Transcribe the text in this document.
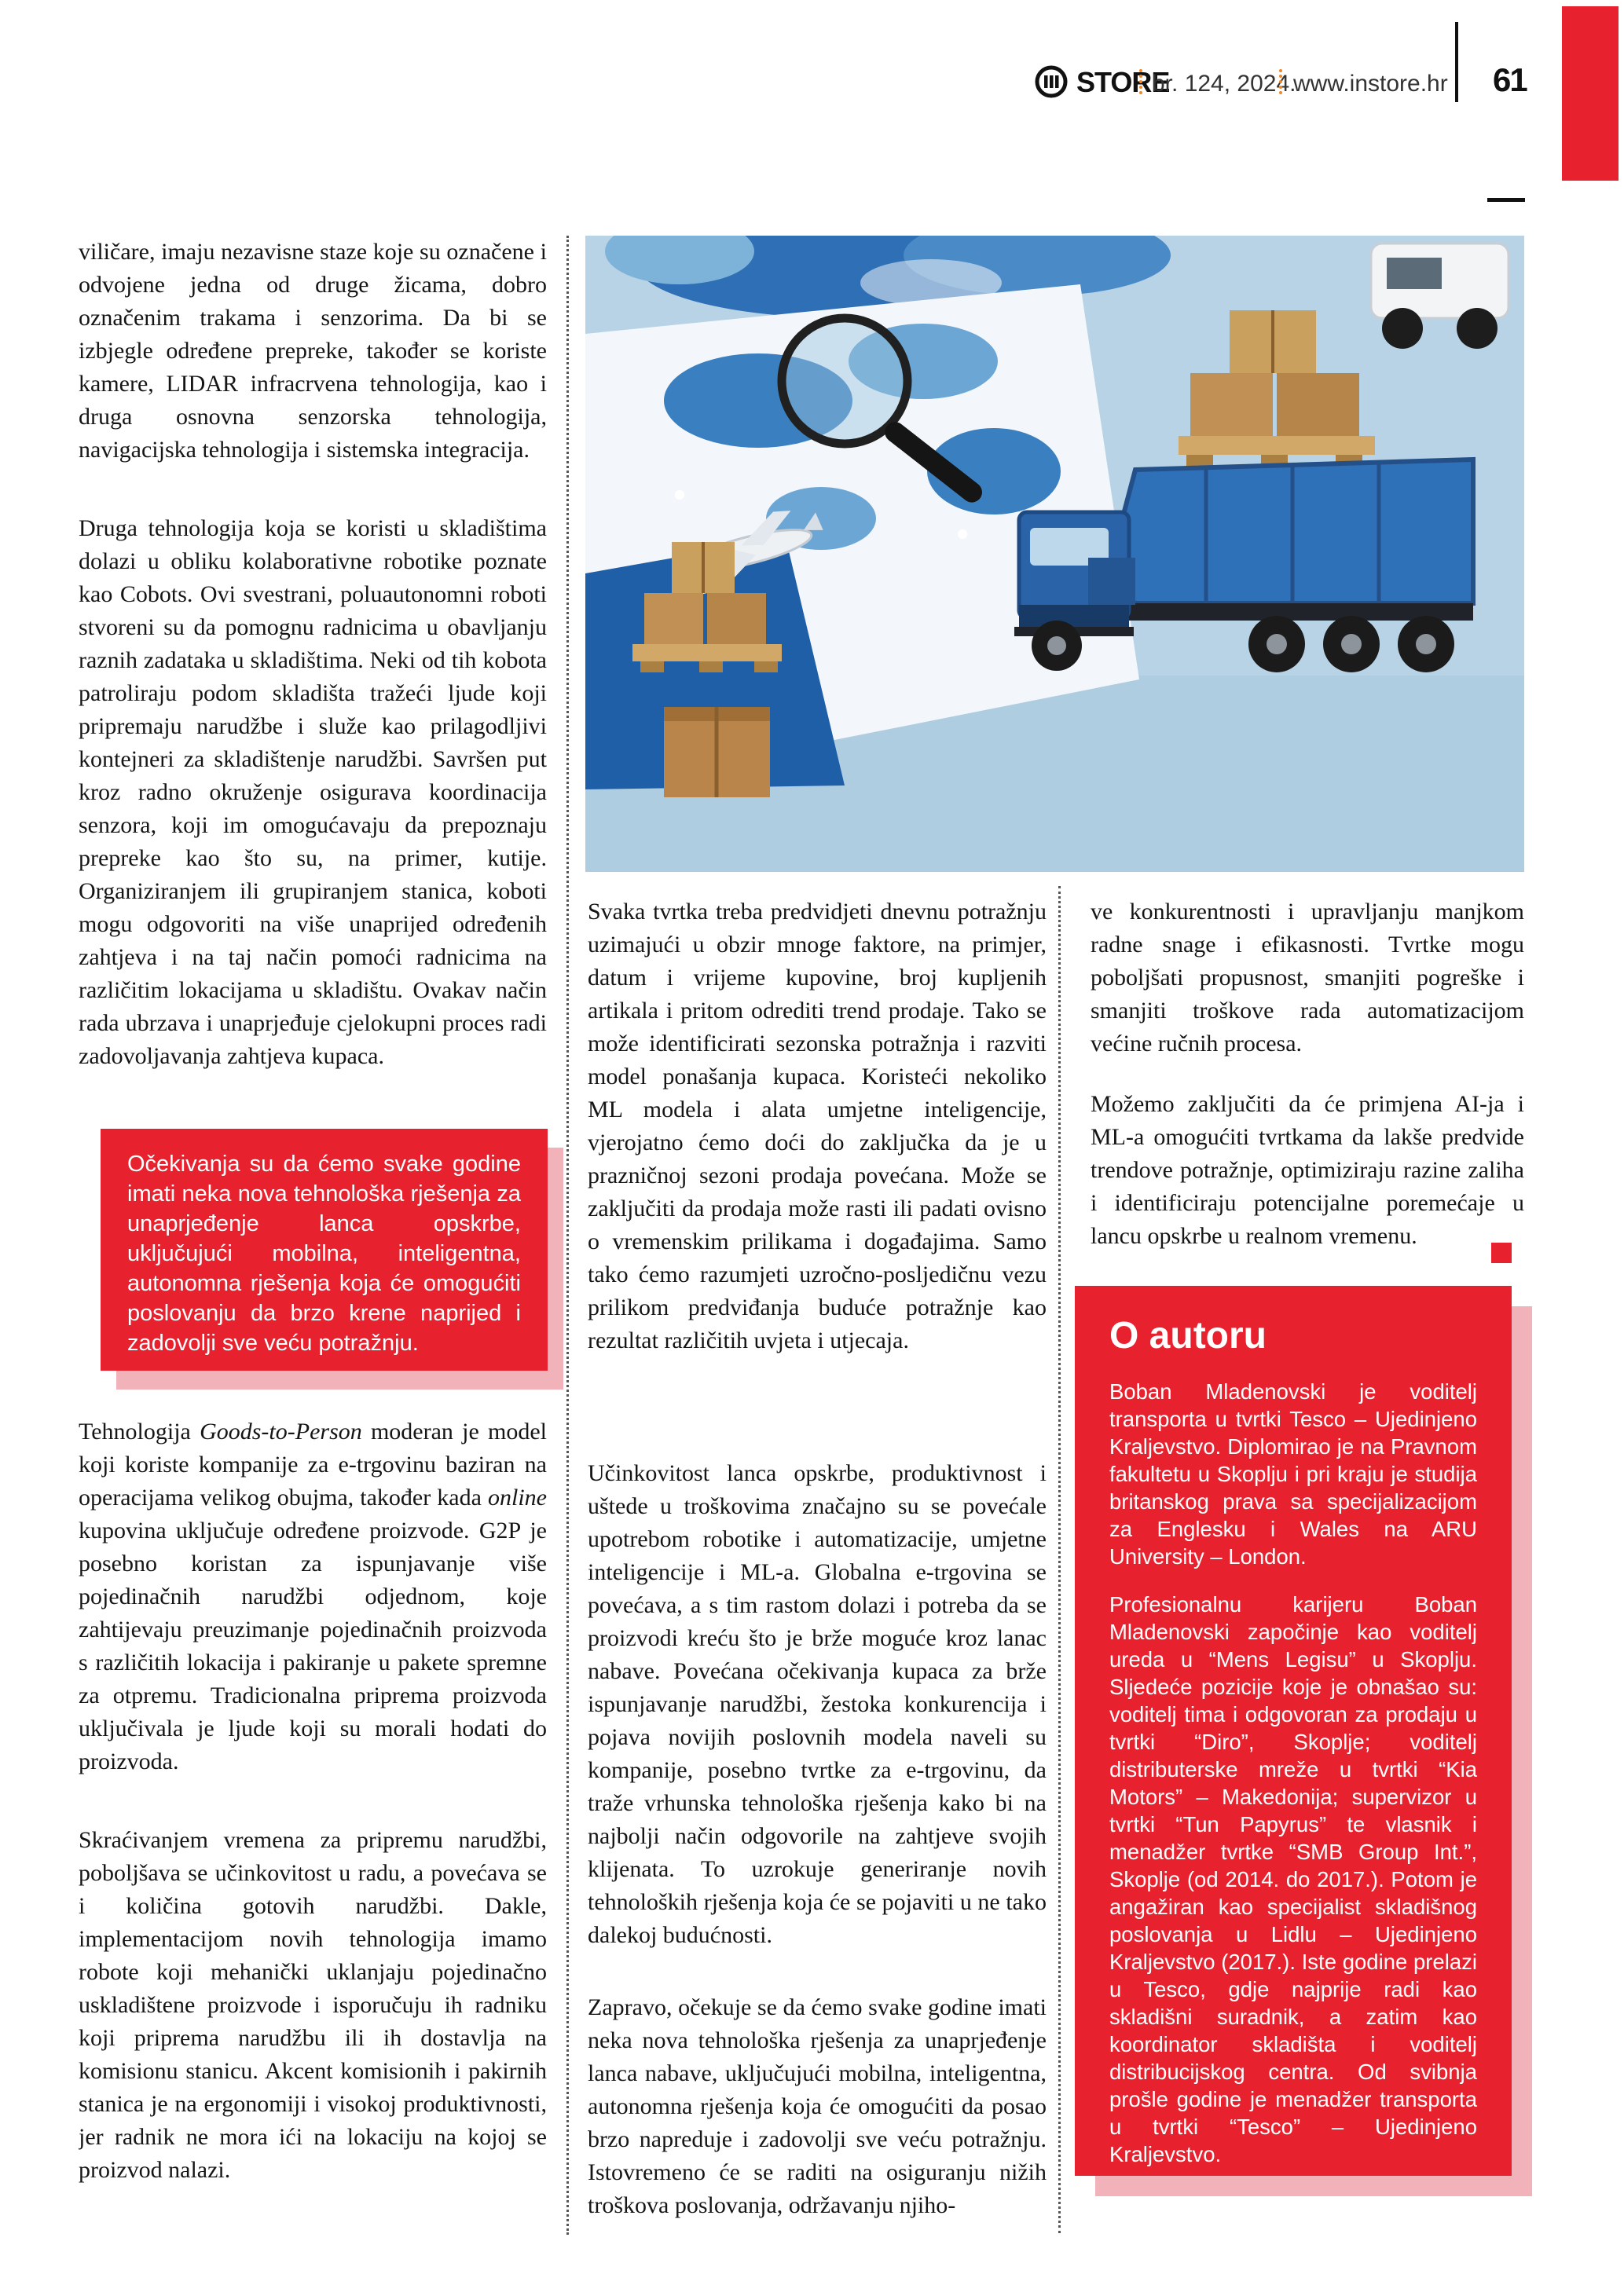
STORE
br. 124, 2024.
www.instore.hr 61

viličare, imaju nezavisne staze koje su označene i odvojene jedna od druge žicama, dobro označenim trakama i senzorima. Da bi se izbjegle određene prepreke, također se koriste kamere, LIDAR infracrvena tehnologija, kao i druga osnovna senzorska tehnologija, navigacijska tehnologija i sistemska integracija.

Druga tehnologija koja se koristi u skladištima dolazi u obliku kolaborativne robotike poznate kao Cobots. Ovi svestrani, poluautonomni roboti stvoreni su da pomognu radnicima u obavljanju raznih zadataka u skladištima. Neki od tih kobota patroliraju podom skladišta tražeći ljude koji pripremaju narudžbe i služe kao prilagodljivi kontejneri za skladištenje narudžbi. Savršen put kroz radno okruženje osigurava koordinacija senzora, koji im omogućavaju da prepoznaju prepreke kao što su, na primer, kutije. Organiziranjem ili grupiranjem stanica, koboti mogu odgovoriti na više unaprijed određenih zahtjeva i na taj način pomoći radnicima na različitim lokacijama u skladištu. Ovakav način rada ubrzava i unaprjeđuje cjelokupni proces radi zadovoljavanja zahtjeva kupaca.

Očekivanja su da ćemo svake godine imati neka nova tehnološka rješenja za unaprjeđenje lanca opskrbe, uključujući mobilna, inteligentna, autonomna rješenja koja će omogućiti poslovanju da brzo krene naprijed i zadovolji sve veću potražnju.

Tehnologija Goods-to-Person moderan je model koji koriste kompanije za e-trgovinu baziran na operacijama velikog obujma, također kada online kupovina uključuje određene proizvode. G2P je posebno koristan za ispunjavanje više pojedinačnih narudžbi odjednom, koje zahtijevaju preuzimanje pojedinačnih proizvoda s različitih lokacija i pakiranje u pakete spremne za otpremu. Tradicionalna priprema proizvoda uključivala je ljude koji su morali hodati do proizvoda.

Skraćivanjem vremena za pripremu narudžbi, poboljšava se učinkovitost u radu, a povećava se i količina gotovih narudžbi. Dakle, implementacijom novih tehnologija imamo robote koji mehanički uklanjaju pojedinačno uskladištene proizvode i isporučuju ih radniku koji priprema narudžbu ili ih dostavlja na komisionu stanicu. Akcent komisionih i pakirnih stanica je na ergonomiji i visokoj produktivnosti, jer radnik ne mora ići na lokaciju na kojoj se proizvod nalazi.

Svaka tvrtka treba predvidjeti dnevnu potražnju uzimajući u obzir mnoge faktore, na primjer, datum i vrijeme kupovine, broj kupljenih artikala i pritom odrediti trend prodaje. Tako se može identificirati sezonska potražnja i razviti model ponašanja kupaca. Koristeći nekoliko ML modela i alata umjetne inteligencije, vjerojatno ćemo doći do zaključka da je u prazničnoj sezoni prodaja povećana. Može se zaključiti da prodaja može rasti ili padati ovisno o vremenskim prilikama i događajima. Samo tako ćemo razumjeti uzročno-posljedičnu vezu prilikom predviđanja buduće potražnje kao rezultat različitih uvjeta i utjecaja.

Učinkovitost lanca opskrbe, produktivnost i uštede u troškovima značajno su se povećale upotrebom robotike i automatizacije, umjetne inteligencije i ML-a. Globalna e-trgovina se povećava, a s tim rastom dolazi i potreba da se proizvodi kreću što je brže moguće kroz lanac nabave. Povećana očekivanja kupaca za brže ispunjavanje narudžbi, žestoka konkurencija i pojava novijih poslovnih modela naveli su kompanije, posebno tvrtke za e-trgovinu, da traže vrhunska tehnološka rješenja kako bi na najbolji način odgovorile na zahtjeve svojih klijenata. To uzrokuje generiranje novih tehnoloških rješenja koja će se pojaviti u ne tako dalekoj budućnosti.

Zapravo, očekuje se da ćemo svake godine imati neka nova tehnološka rješenja za unaprjeđenje lanca nabave, uključujući mobilna, inteligentna, autonomna rješenja koja će omogućiti da posao brzo napreduje i zadovolji sve veću potražnju. Istovremeno će se raditi na osiguranju nižih troškova poslovanja, održavanju njiho-

ve konkurentnosti i upravljanju manjkom radne snage i efikasnosti. Tvrtke mogu poboljšati propusnost, smanjiti pogreške i smanjiti troškove rada automatizacijom većine ručnih procesa.

Možemo zaključiti da će primjena AI-ja i ML-a omogućiti tvrtkama da lakše predvide trendove potražnje, optimiziraju razine zaliha i identificiraju potencijalne poremećaje u lancu opskrbe u realnom vremenu.

O autoru

Boban Mladenovski je voditelj transporta u tvrtki Tesco – Ujedinjeno Kraljevstvo. Diplomirao je na Pravnom fakultetu u Skoplju i pri kraju je studija britanskog prava sa specijalizacijom za Englesku i Wales na ARU University – London.

Profesionalnu karijeru Boban Mladenovski započinje kao voditelj ureda u “Mens Legisu” u Skoplju. Sljedeće pozicije koje je obnašao su: voditelj tima i odgovoran za prodaju u tvrtki “Diro”, Skoplje; voditelj distributerske mreže u tvrtki “Kia Motors” – Makedonija; supervizor u tvrtki “Tun Papyrus” te vlasnik i menadžer tvrtke “SMB Group Int.”, Skoplje (od 2014. do 2017.). Potom je angažiran kao specijalist skladišnog poslovanja u Lidlu – Ujedinjeno Kraljevstvo (2017.). Iste godine prelazi u Tesco, gdje najprije radi kao skladišni suradnik, a zatim kao koordinator skladišta i voditelj distribucijskog centra. Od svibnja prošle godine je menadžer transporta u tvrtki “Tesco” – Ujedinjeno Kraljevstvo.
